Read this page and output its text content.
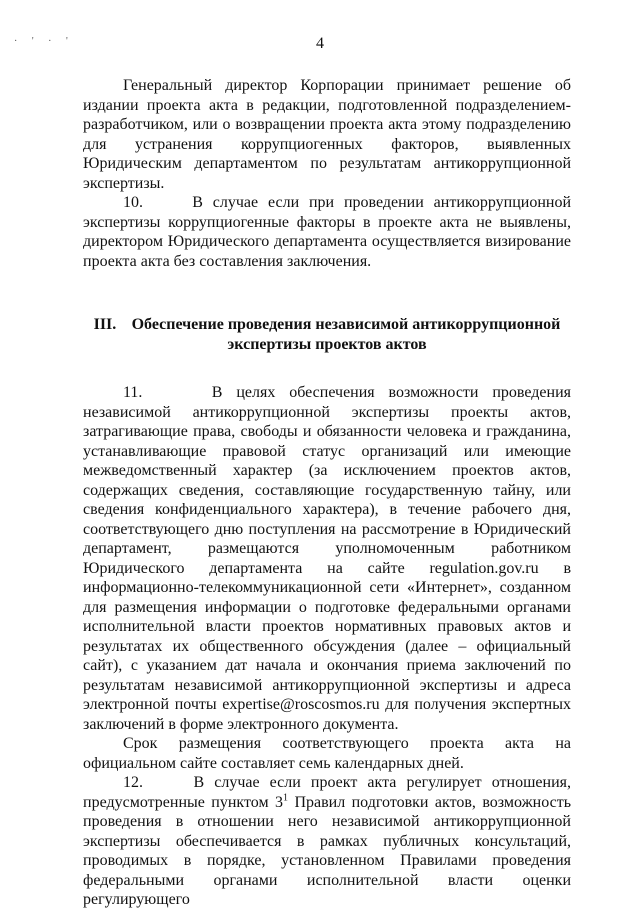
· ' · '	4

Генеральный директор Корпорации принимает решение об издании проекта акта в редакции, подготовленной подразделением-разработчиком, или о возвращении проекта акта этому подразделению для устранения коррупциогенных факторов, выявленных Юридическим департаментом по результатам антикоррупционной экспертизы.

10.     В случае если при проведении антикоррупционной экспертизы коррупциогенные факторы в проекте акта не выявлены, директором Юридического департамента осуществляется визирование проекта акта без составления заключения.

III. Обеспечение проведения независимой антикоррупционной
экспертизы проектов актов

11.     В целях обеспечения возможности проведения независимой антикоррупционной экспертизы проекты актов, затрагивающие права, свободы и обязанности человека и гражданина, устанавливающие правовой статус организаций или имеющие межведомственный характер (за исключением проектов актов, содержащих сведения, составляющие государственную тайну, или сведения конфиденциального характера), в течение рабочего дня, соответствующего дню поступления на рассмотрение в Юридический департамент, размещаются уполномоченным работником Юридического департамента на сайте regulation.gov.ru в информационно-телекоммуникационной сети «Интернет», созданном для размещения информации о подготовке федеральными органами исполнительной власти проектов нормативных правовых актов и результатах их общественного обсуждения (далее – официальный сайт), с указанием дат начала и окончания приема заключений по результатам независимой антикоррупционной экспертизы и адреса электронной почты expertise@roscosmos.ru для получения экспертных заключений в форме электронного документа.

Срок размещения соответствующего проекта акта на официальном сайте составляет семь календарных дней.

12.     В случае если проект акта регулирует отношения, предусмотренные пунктом $3^1$ Правил подготовки актов, возможность проведения в отношении него независимой антикоррупционной экспертизы обеспечивается в рамках публичных консультаций, проводимых в порядке, установленном Правилами проведения федеральными органами исполнительной власти оценки регулирующего
